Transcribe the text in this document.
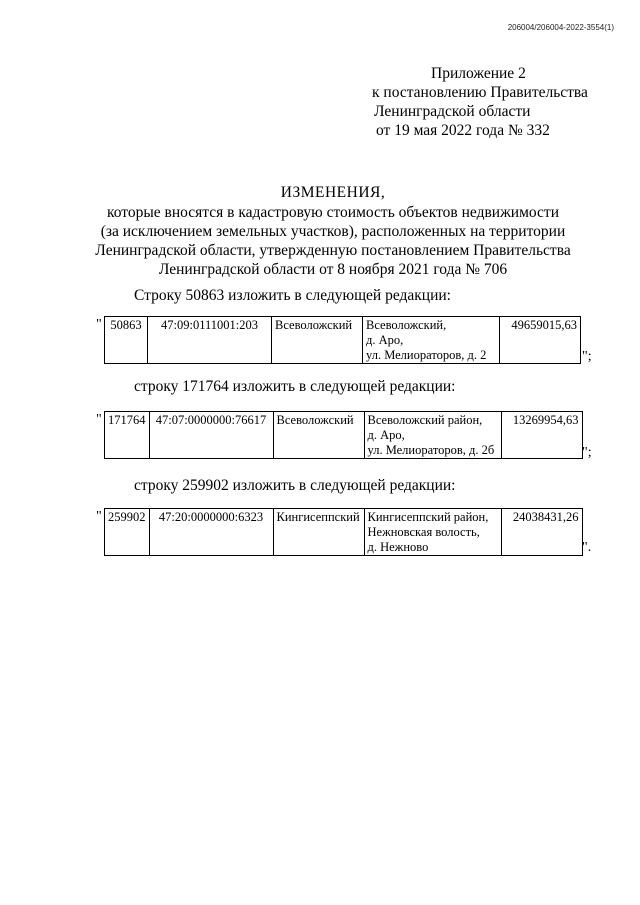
206004/206004-2022-3554(1)
Приложение 2
к постановлению Правительства
Ленинградской области
от 19 мая 2022 года № 332
ИЗМЕНЕНИЯ,
которые вносятся в кадастровую стоимость объектов недвижимости
(за исключением земельных участков), расположенных на территории
Ленинградской области, утвержденную постановлением Правительства
Ленинградской области от 8 ноября 2021 года № 706
Строку 50863 изложить в следующей редакции:
" 50863	47:09:0111001:203	Всеволожский	Всеволожский,
д. Аро,
ул. Мелиораторов, д. 2
	49659015,63
";
строку 171764 изложить в следующей редакции:
" 171764	47:07:0000000:76617	Всеволожский	Всеволожский район,
д. Аро,
ул. Мелиораторов, д. 2б
	13269954,63
";
строку 259902 изложить в следующей редакции:
" 259902	47:20:0000000:6323	Кингисеппский	Кингисеппский район,
Нежновская волость,
д. Нежново
	24038431,26
".
